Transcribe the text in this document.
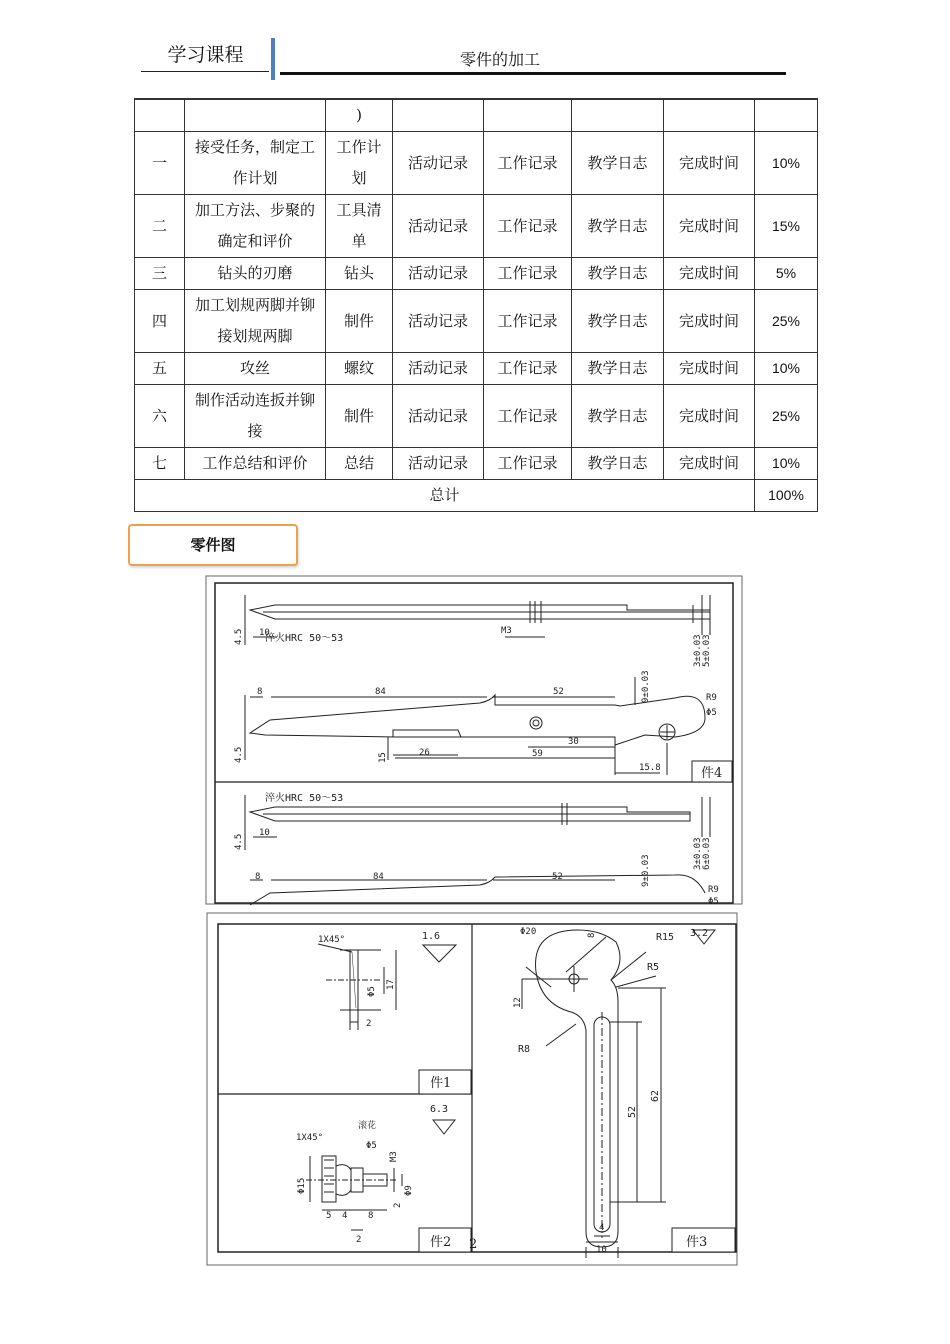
学习课程	零件的加工
		)					
一	接受任务，制定工作计划	工作计划	活动记录	工作记录	教学日志	完成时间	10%
二	加工方法、步聚的确定和评价	工具清单	活动记录	工作记录	教学日志	完成时间	15%
三	钻头的刃磨	钻头	活动记录	工作记录	教学日志	完成时间	5%
四	加工划规两脚并铆接划规两脚	制件	活动记录	工作记录	教学日志	完成时间	25%
五	攻丝	螺纹	活动记录	工作记录	教学日志	完成时间	10%
六	制作活动连扳并铆接	制件	活动记录	工作记录	教学日志	完成时间	25%
七	工作总结和评价	总结	活动记录	工作记录	教学日志	完成时间	10%
总计							100%
零件图
淬火HRC 50～53
淬火HRC 50～53
4.5 10	M3
3±0.03 5±0.03
8	84	52	9±0.03	R9
Φ5
4.5	15	26
30
59
15.8
4.5
10
3±0.03 6±0.03
8	84	52	9±0.03
R9
Φ5
件4
1X45°	1.6
Φ5
17
2
件1
滚花
1X45°
6.3
Φ5
M3
Φ15	Φ9
2
5 4 8
2	件2 2
Φ20	8	R15 3.2
R5
12
R8
52
62
4
10	件3
